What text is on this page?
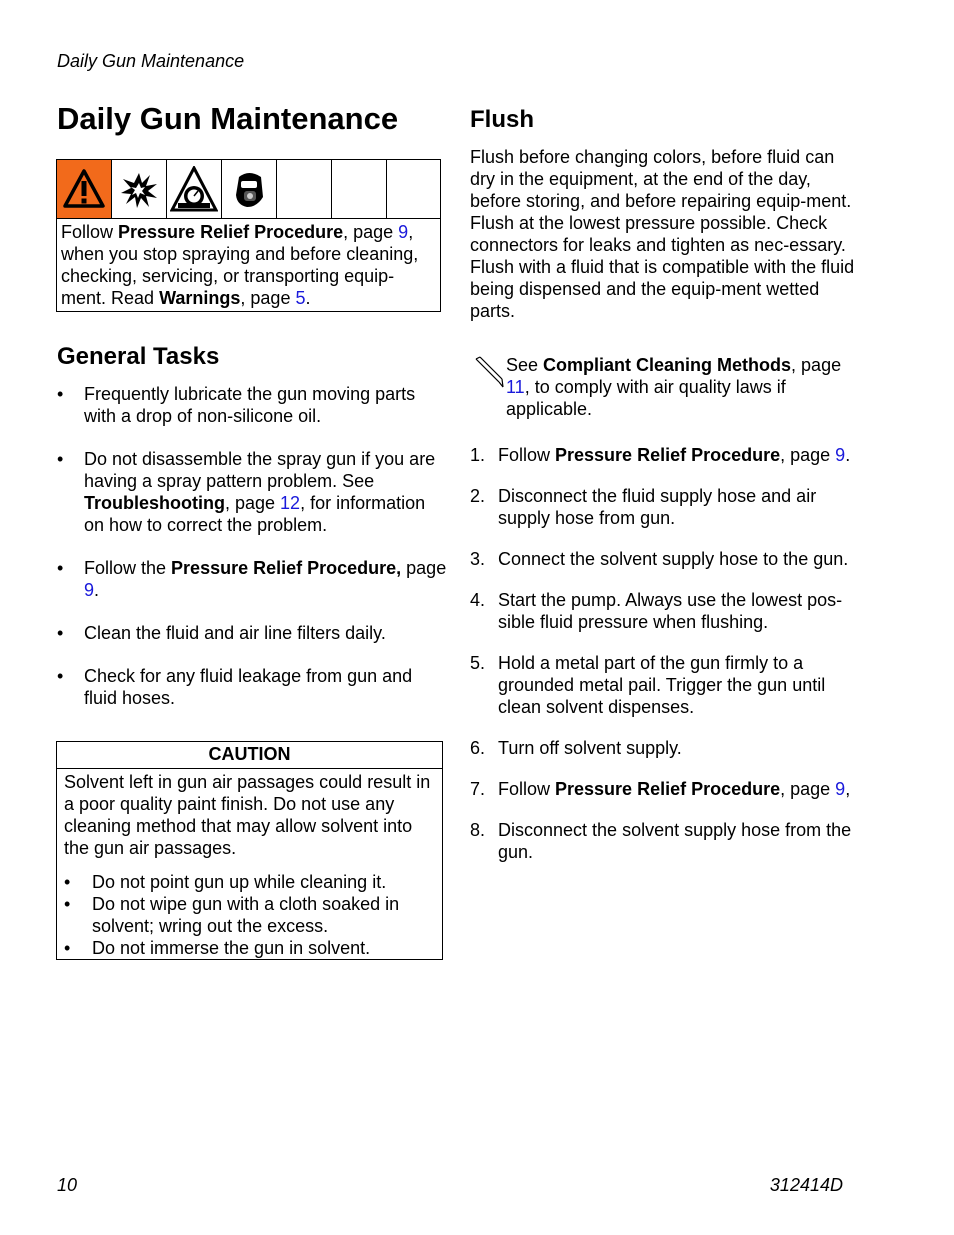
Daily Gun Maintenance
Daily Gun Maintenance
Follow Pressure Relief Procedure, page 9, when you stop spraying and before cleaning, checking, servicing, or transporting equip-ment. Read Warnings, page 5.
General Tasks
• Frequently lubricate the gun moving parts with a drop of non-silicone oil.
• Do not disassemble the spray gun if you are having a spray pattern problem. See Troubleshooting, page 12, for information on how to correct the problem.
• Follow the Pressure Relief Procedure, page 9.
• Clean the fluid and air line filters daily.
• Check for any fluid leakage from gun and fluid hoses.
CAUTION
Solvent left in gun air passages could result in a poor quality paint finish. Do not use any cleaning method that may allow solvent into the gun air passages.
• Do not point gun up while cleaning it.
• Do not wipe gun with a cloth soaked in solvent; wring out the excess.
• Do not immerse the gun in solvent.
Flush
Flush before changing colors, before fluid can dry in the equipment, at the end of the day, before storing, and before repairing equip-ment. Flush at the lowest pressure possible. Check connectors for leaks and tighten as nec-essary. Flush with a fluid that is compatible with the fluid being dispensed and the equip-ment wetted parts.
See Compliant Cleaning Methods, page 11, to comply with air quality laws if applicable.
1. Follow Pressure Relief Procedure, page 9.
2. Disconnect the fluid supply hose and air supply hose from gun.
3. Connect the solvent supply hose to the gun.
4. Start the pump. Always use the lowest pos-sible fluid pressure when flushing.
5. Hold a metal part of the gun firmly to a grounded metal pail. Trigger the gun until clean solvent dispenses.
6. Turn off solvent supply.
7. Follow Pressure Relief Procedure, page 9,
8. Disconnect the solvent supply hose from the gun.
10	312414D
